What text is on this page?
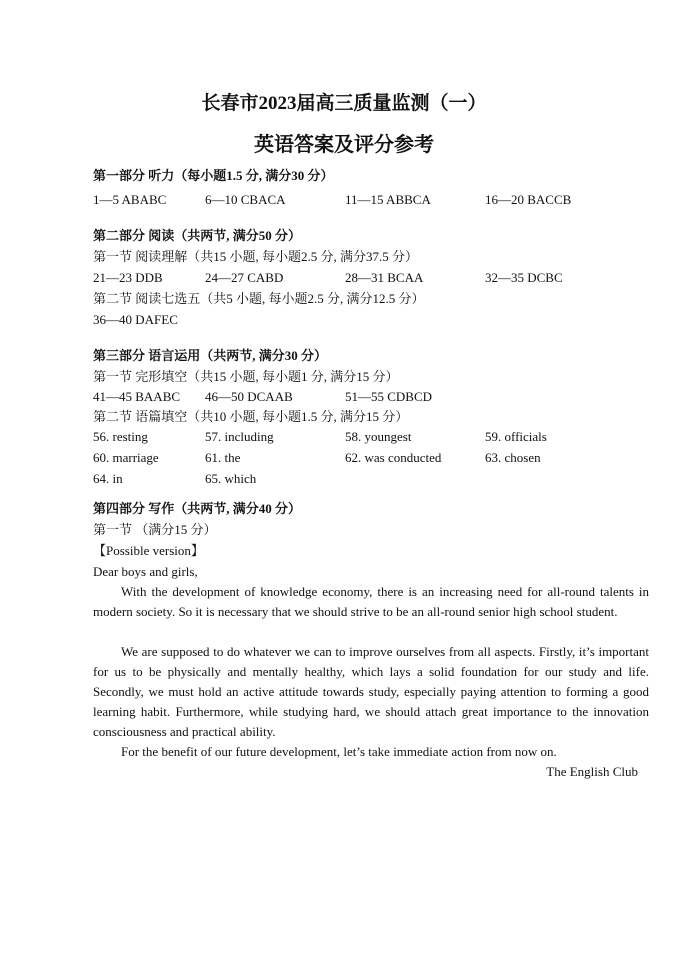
长春市2023届高三质量监测（一）
英语答案及评分参考
第一部分 听力（每小题1.5 分, 满分30 分）
1—5 ABABC	6—10 CBACA	11—15 ABBCA	16—20 BACCB
第二部分 阅读（共两节, 满分50 分）
第一节 阅读理解（共15 小题, 每小题2.5 分, 满分37.5 分）
21—23 DDB	24—27 CABD	28—31 BCAA	32—35 DCBC
第二节 阅读七选五（共5 小题, 每小题2.5 分, 满分12.5 分）
36—40 DAFEC
第三部分 语言运用（共两节, 满分30 分）
第一节 完形填空（共15 小题, 每小题1 分, 满分15 分）
41—45 BAABC 46—50 DCAAB	51—55 CDBCD
第二节 语篇填空（共10 小题, 每小题1.5 分, 满分15 分）
56. resting	57. including	58. youngest	59. officials
60. marriage	61. the	62. was conducted	63. chosen
64. in	65. which
第四部分 写作（共两节, 满分40 分）
第一节 （满分15 分）
【Possible version】
Dear boys and girls,
With the development of knowledge economy, there is an increasing need for all-round talents in modern society. So it is necessary that we should strive to be an all-round senior high school student.
We are supposed to do whatever we can to improve ourselves from all aspects. Firstly, it’s important for us to be physically and mentally healthy, which lays a solid foundation for our study and life. Secondly, we must hold an active attitude towards study, especially paying attention to forming a good learning habit. Furthermore, while studying hard, we should attach great importance to the innovation consciousness and practical ability.
For the benefit of our future development, let’s take immediate action from now on.
The English Club
